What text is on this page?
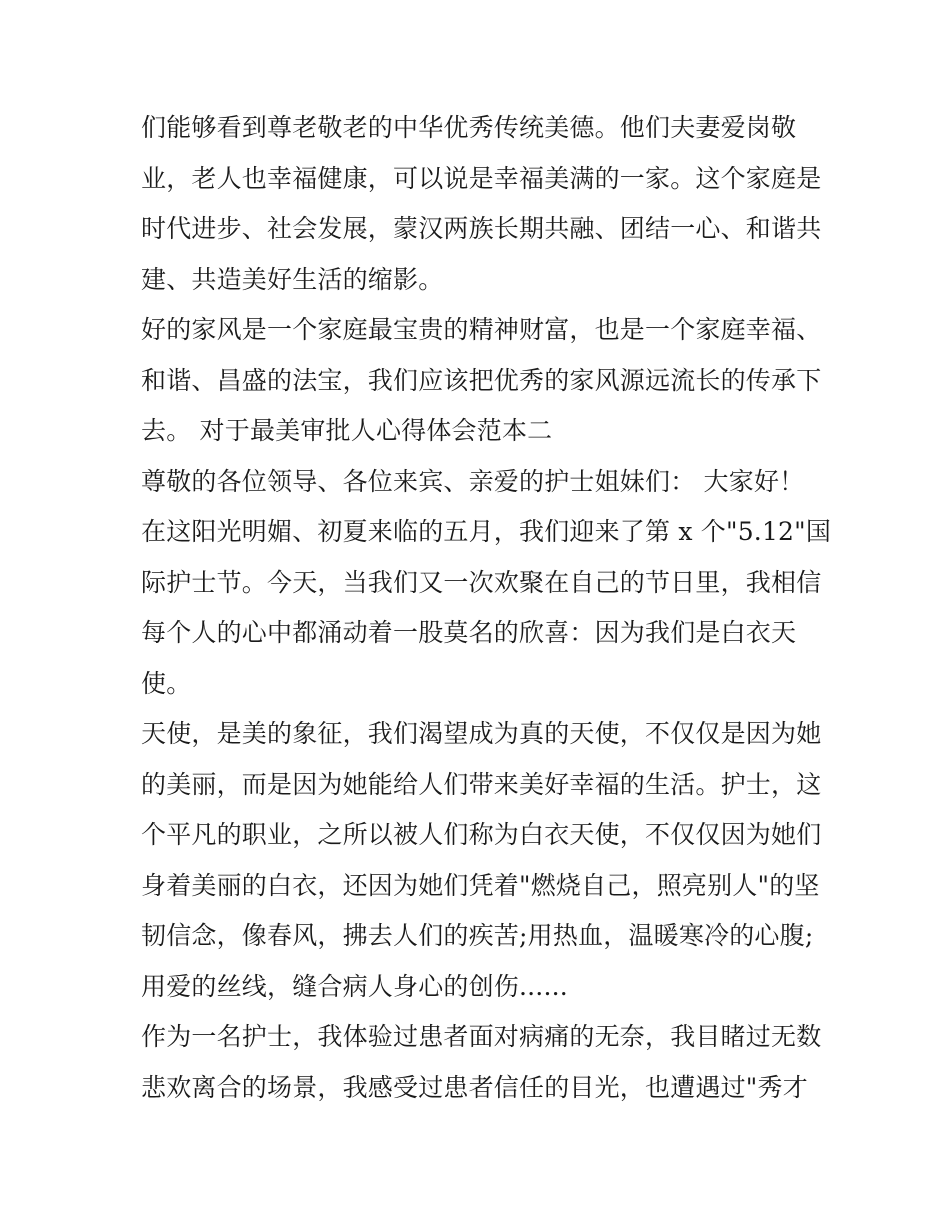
们能够看到尊老敬老的中华优秀传统美德。他们夫妻爱岗敬
业，老人也幸福健康，可以说是幸福美满的一家。这个家庭是
时代进步、社会发展，蒙汉两族长期共融、团结一心、和谐共
建、共造美好生活的缩影。
好的家风是一个家庭最宝贵的精神财富，也是一个家庭幸福、
和谐、昌盛的法宝，我们应该把优秀的家风源远流长的传承下
去。 对于最美审批人心得体会范本二
尊敬的各位领导、各位来宾、亲爱的护士姐妹们： 大家好！
在这阳光明媚、初夏来临的五月，我们迎来了第 x 个"5.12"国
际护士节。今天，当我们又一次欢聚在自己的节日里，我相信
每个人的心中都涌动着一股莫名的欣喜：因为我们是白衣天
使。
天使，是美的象征，我们渴望成为真的天使，不仅仅是因为她
的美丽，而是因为她能给人们带来美好幸福的生活。护士，这
个平凡的职业，之所以被人们称为白衣天使，不仅仅因为她们
身着美丽的白衣，还因为她们凭着"燃烧自己，照亮别人"的坚
韧信念，像春风，拂去人们的疾苦;用热血，温暖寒冷的心腹;
用爱的丝线，缝合病人身心的创伤......
作为一名护士，我体验过患者面对病痛的无奈，我目睹过无数
悲欢离合的场景，我感受过患者信任的目光，也遭遇过"秀才
